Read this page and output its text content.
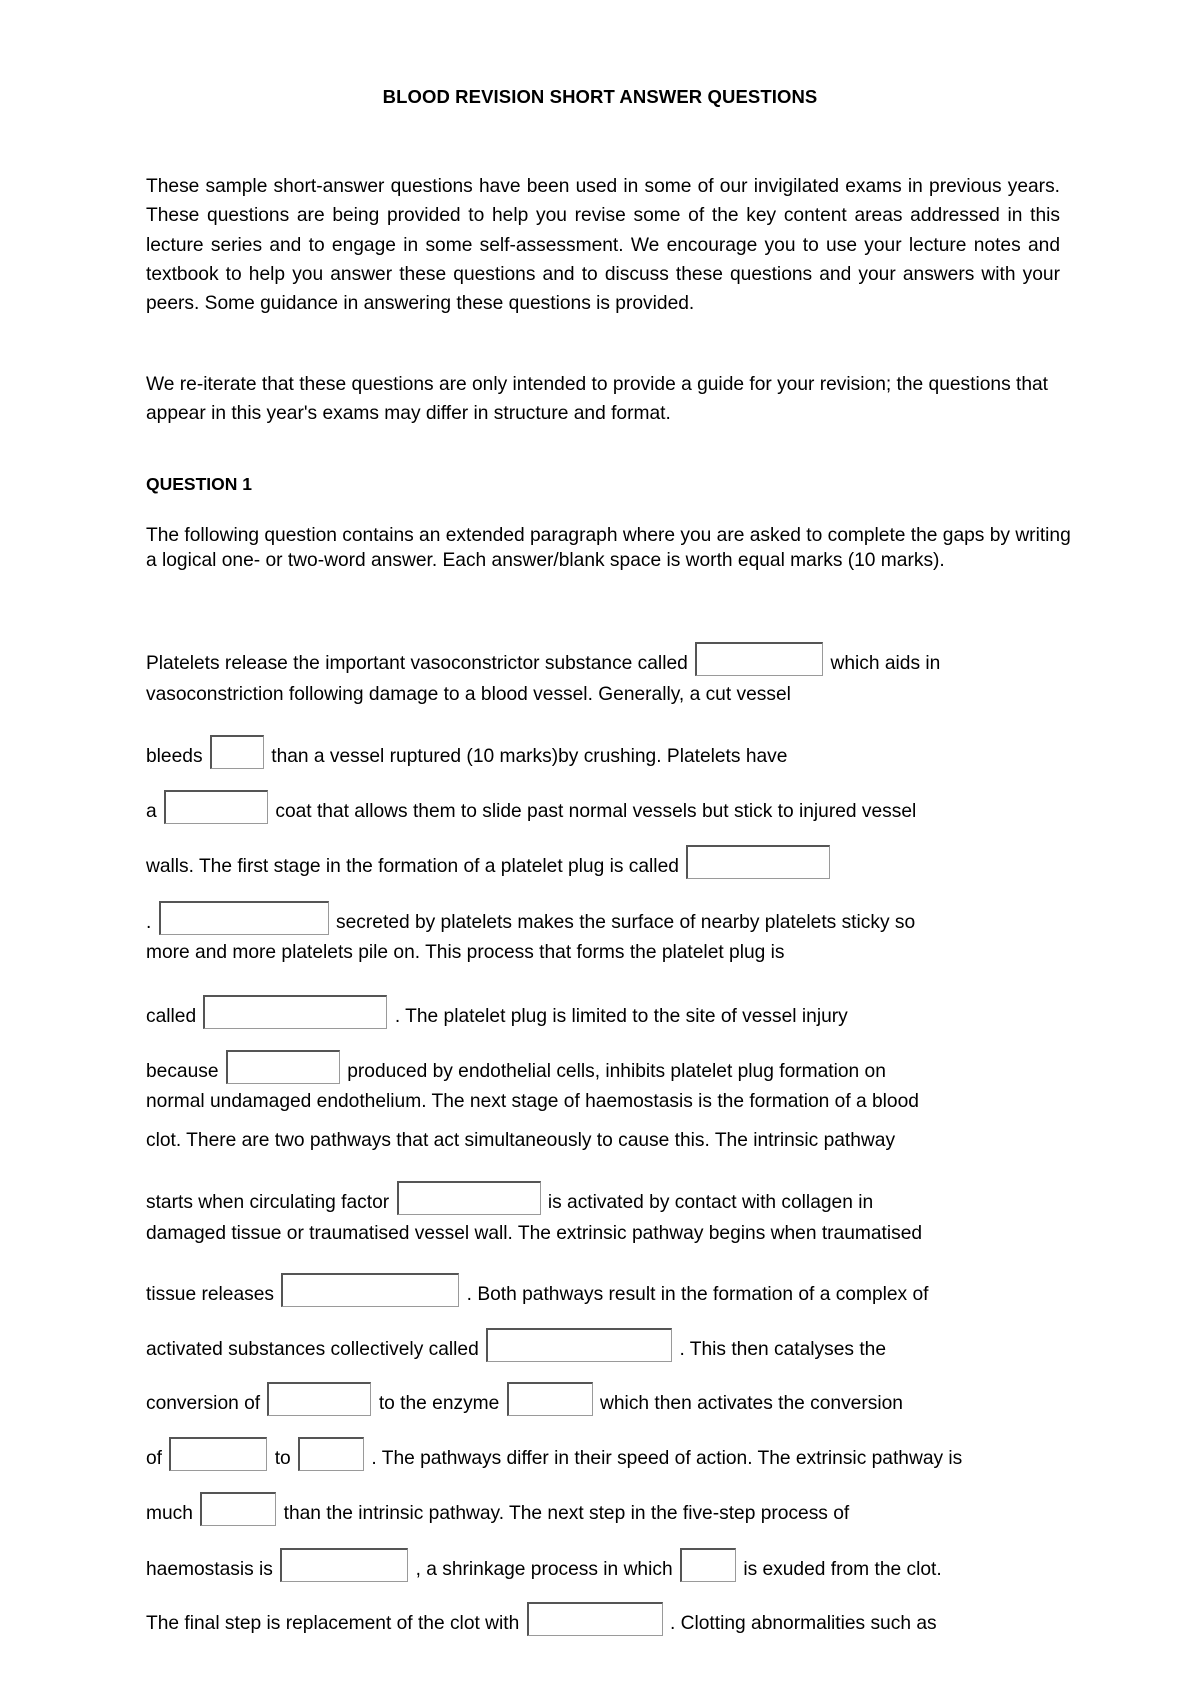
BLOOD REVISION SHORT ANSWER QUESTIONS

These sample short-answer questions have been used in some of our invigilated exams in previous years. These questions are being provided to help you revise some of the key content areas addressed in this lecture series and to engage in some self-assessment. We encourage you to use your lecture notes and textbook to help you answer these questions and to discuss these questions and your answers with your peers. Some guidance in answering these questions is provided.

We re-iterate that these questions are only intended to provide a guide for your revision; the questions that appear in this year's exams may differ in structure and format.

QUESTION 1

The following question contains an extended paragraph where you are asked to complete the gaps by writing a logical one- or two-word answer. Each answer/blank space is worth equal marks (10 marks).

Platelets release the important vasoconstrictor substance called	which aids in
vasoconstriction following damage to a blood vessel. Generally, a cut vessel
bleeds	than a vessel ruptured (10 marks)by crushing. Platelets have
a	coat that allows them to slide past normal vessels but stick to injured vessel
walls. The first stage in the formation of a platelet plug is called
.	secreted by platelets makes the surface of nearby platelets sticky so
more and more platelets pile on. This process that forms the platelet plug is
called	. The platelet plug is limited to the site of vessel injury
because	produced by endothelial cells, inhibits platelet plug formation on
normal undamaged endothelium. The next stage of haemostasis is the formation of a blood
clot. There are two pathways that act simultaneously to cause this. The intrinsic pathway
starts when circulating factor	is activated by contact with collagen in
damaged tissue or traumatised vessel wall. The extrinsic pathway begins when traumatised
tissue releases	. Both pathways result in the formation of a complex of
activated substances collectively called	. This then catalyses the
conversion of	to the enzyme	which then activates the conversion
of	to	. The pathways differ in their speed of action. The extrinsic pathway is
much	than the intrinsic pathway. The next step in the five-step process of
haemostasis is	, a shrinkage process in which	is exuded from the clot.
The final step is replacement of the clot with	. Clotting abnormalities such as
